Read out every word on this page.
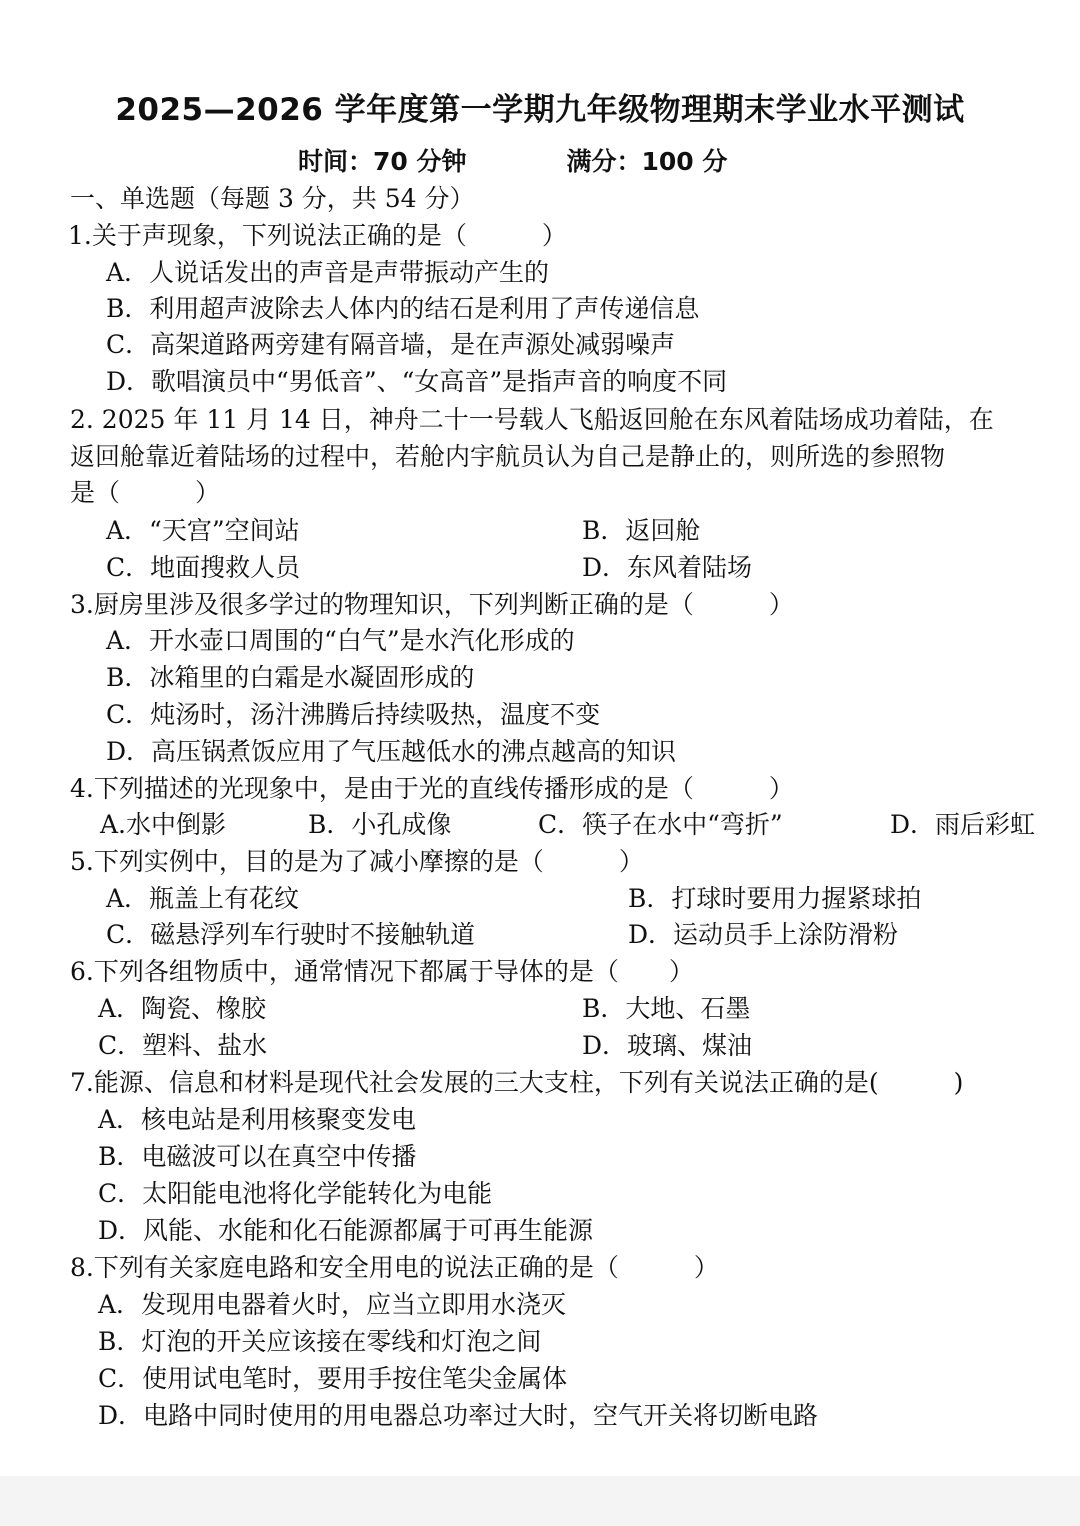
2025—2026 学年度第一学期九年级物理期末学业水平测试
时间：70 分钟	满分：100 分
一、单选题（每题 3 分，共 54 分）
1.关于声现象，下列说法正确的是（　　　）
A．人说话发出的声音是声带振动产生的
B．利用超声波除去人体内的结石是利用了声传递信息
C．高架道路两旁建有隔音墙，是在声源处减弱噪声
D．歌唱演员中“男低音”、“女高音”是指声音的响度不同
2. 2025 年 11 月 14 日，神舟二十一号载人飞船返回舱在东风着陆场成功着陆，在
返回舱靠近着陆场的过程中，若舱内宇航员认为自己是静止的，则所选的参照物
是（　　　）
A．“天宫”空间站	B．返回舱
C．地面搜救人员	D．东风着陆场
3.厨房里涉及很多学过的物理知识，下列判断正确的是（　　　）
A．开水壶口周围的“白气”是水汽化形成的
B．冰箱里的白霜是水凝固形成的
C．炖汤时，汤汁沸腾后持续吸热，温度不变
D．高压锅煮饭应用了气压越低水的沸点越高的知识
4.下列描述的光现象中，是由于光的直线传播形成的是（　　　）
A.水中倒影	B．小孔成像	C．筷子在水中“弯折”	D．雨后彩虹
5.下列实例中，目的是为了减小摩擦的是（　　　）
A．瓶盖上有花纹	B．打球时要用力握紧球拍
C．磁悬浮列车行驶时不接触轨道	D．运动员手上涂防滑粉
6.下列各组物质中，通常情况下都属于导体的是（　　）
A．陶瓷、橡胶	B．大地、石墨
C．塑料、盐水	D．玻璃、煤油
7.能源、信息和材料是现代社会发展的三大支柱，下列有关说法正确的是(　　　)
A．核电站是利用核聚变发电
B．电磁波可以在真空中传播
C．太阳能电池将化学能转化为电能
D．风能、水能和化石能源都属于可再生能源
8.下列有关家庭电路和安全用电的说法正确的是（　　　）
A．发现用电器着火时，应当立即用水浇灭
B．灯泡的开关应该接在零线和灯泡之间
C．使用试电笔时，要用手按住笔尖金属体
D．电路中同时使用的用电器总功率过大时，空气开关将切断电路
